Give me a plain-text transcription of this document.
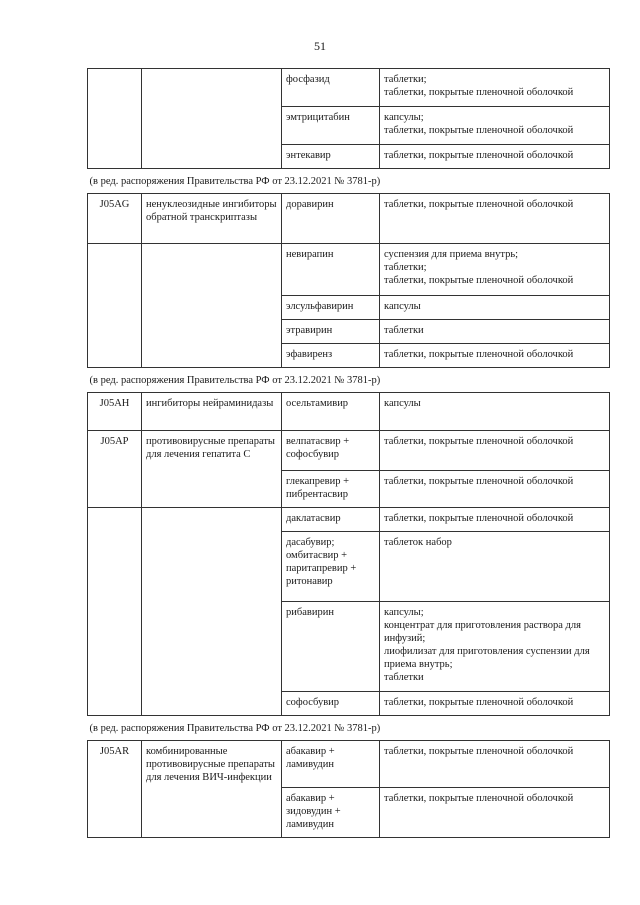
51
		фосфазид	таблетки;
таблетки, покрытые пленочной оболочкой
		эмтрицитабин	капсулы;
таблетки, покрытые пленочной оболочкой
		энтекавир	таблетки, покрытые пленочной оболочкой
(в ред. распоряжения Правительства РФ от 23.12.2021 № 3781-р)			
J05AG	ненуклеозидные ингибиторы обратной транскриптазы	доравирин	таблетки, покрытые пленочной оболочкой
		невирапин	суспензия для приема внутрь;
таблетки;
таблетки, покрытые пленочной оболочкой
		элсульфавирин	капсулы
		этравирин	таблетки
		эфавиренз	таблетки, покрытые пленочной оболочкой
(в ред. распоряжения Правительства РФ от 23.12.2021 № 3781-р)			
J05AH	ингибиторы нейраминидазы	осельтамивир	капсулы
J05AP	противовирусные препараты для лечения гепатита С	велпатасвир + софосбувир	таблетки, покрытые пленочной оболочкой
		глекапревир + пибрентасвир	таблетки, покрытые пленочной оболочкой
		даклатасвир	таблетки, покрытые пленочной оболочкой
		дасабувир;
омбитасвир + паритапревир + ритонавир	таблеток набор
		рибавирин	капсулы;
концентрат для приготовления раствора для инфузий;
лиофилизат для приготовления суспензии для приема внутрь;
таблетки
		софосбувир	таблетки, покрытые пленочной оболочкой
(в ред. распоряжения Правительства РФ от 23.12.2021 № 3781-р)			
J05AR	комбинированные противовирусные препараты для лечения ВИЧ-инфекции	абакавир + ламивудин	таблетки, покрытые пленочной оболочкой
		абакавир + зидовудин + ламивудин	таблетки, покрытые пленочной оболочкой
